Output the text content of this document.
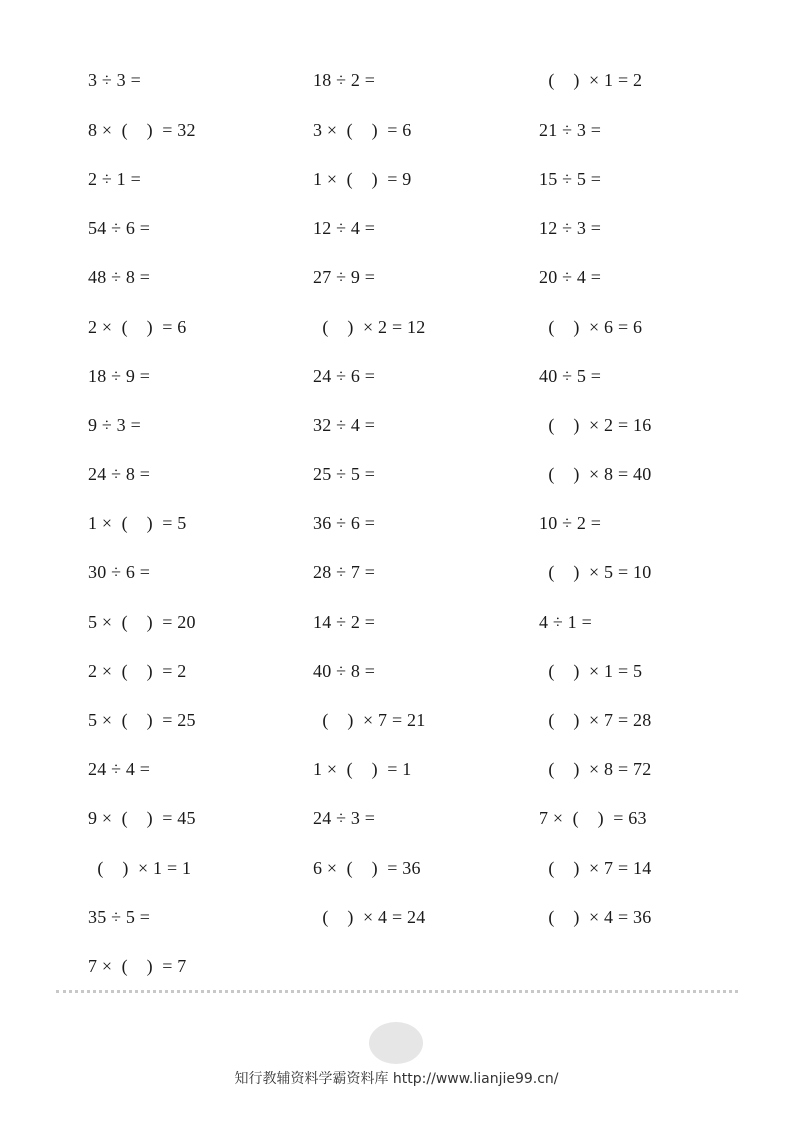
3 ÷ 3 =
8 ×  (    )  = 32
2 ÷ 1 =
54 ÷ 6 =
48 ÷ 8 =
2 ×  (    )  = 6
18 ÷ 9 =
9 ÷ 3 =
24 ÷ 8 =
1 ×  (    )  = 5
30 ÷ 6 =
5 ×  (    )  = 20
2 ×  (    )  = 2
5 ×  (    )  = 25
24 ÷ 4 =
9 ×  (    )  = 45
(    )  × 1 = 1
35 ÷ 5 =
7 ×  (    )  = 7
18 ÷ 2 =
3 ×  (    )  = 6
1 ×  (    )  = 9
12 ÷ 4 =
27 ÷ 9 =
(    )  × 2 = 12
24 ÷ 6 =
32 ÷ 4 =
25 ÷ 5 =
36 ÷ 6 =
28 ÷ 7 =
14 ÷ 2 =
40 ÷ 8 =
(    )  × 7 = 21
1 ×  (    )  = 1
24 ÷ 3 =
6 ×  (    )  = 36
(    )  × 4 = 24
(    )  × 1 = 2
21 ÷ 3 =
15 ÷ 5 =
12 ÷ 3 =
20 ÷ 4 =
(    )  × 6 = 6
40 ÷ 5 =
(    )  × 2 = 16
(    )  × 8 = 40
10 ÷ 2 =
(    )  × 5 = 10
4 ÷ 1 =
(    )  × 1 = 5
(    )  × 7 = 28
(    )  × 8 = 72
7 ×  (    )  = 63
(    )  × 7 = 14
(    )  × 4 = 36
知行教辅资料学霸资料库 http://www.lianjie99.cn/
